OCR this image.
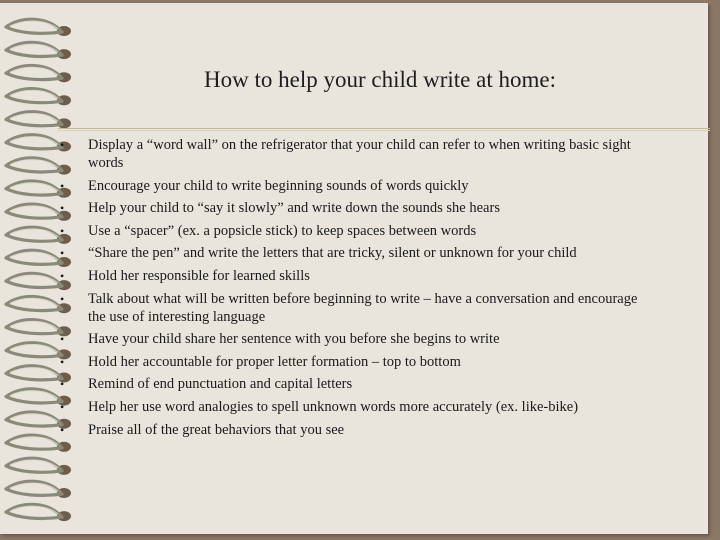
How to help your child write at home:
• Display a “word wall” on the refrigerator that your child can refer to when writing basic sight words
• Encourage your child to write beginning sounds of words quickly
• Help your child to “say it slowly” and write down the sounds she hears
• Use a “spacer” (ex. a popsicle stick) to keep spaces between words
• “Share the pen” and write the letters that are tricky, silent or unknown for your child
• Hold her responsible for learned skills
• Talk about what will be written before beginning to write – have a conversation and encourage the use of interesting language
• Have your child share her sentence with you before she begins to write
• Hold her accountable for proper letter formation – top to bottom
• Remind of end punctuation and capital letters
• Help her use word analogies to spell unknown words more accurately (ex. like-bike)
• Praise all of the great behaviors that you see
